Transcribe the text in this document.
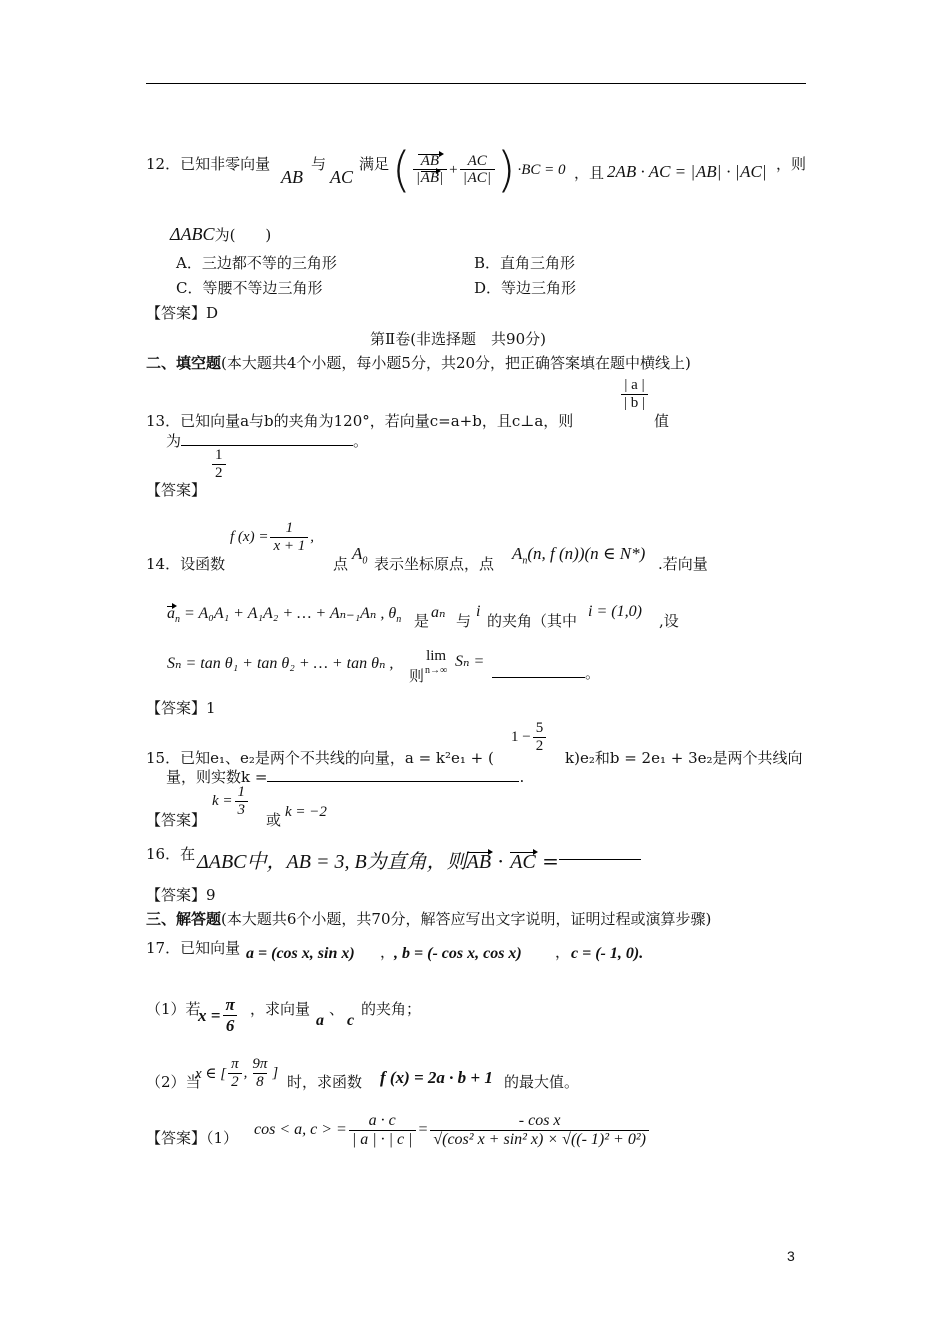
12．已知非零向量
AB
与
AC
满足 ( $\frac{AB}{|AB|} + \frac{AC}{|AC|}$ ) ·BC = 0 ，且 2AB · AC = |AB| · |AC| ，则
ΔABC为(　　)
A．三边都不等的三角形	B．直角三角形
C．等腰不等边三角形	D．等边三角形
【答案】D
第Ⅱ卷(非选择题　共90分)
二、填空题(本大题共4个小题，每小题5分，共20分，把正确答案填在题中横线上)
13．已知向量a与b的夹角为120°，若向量c=a+b，且c⊥a，则
$\frac{| a |}{| b |}$
值
为	。
【答案】
$\frac{1}{2}$
14．设函数
f $(x) = \frac{1}{x + 1}$ ,
点
$A_0$ 表示坐标原点，点
$A_n(n$, f (n))(n ∈ N*)
.若向量
$a_n = A_0A_1 + A_1A_2$ + … + Aₙ₋₁Aₙ , $\theta_n$ 是 aₙ 与
i
的夹角（其中
i = (1,0)
,设
Sₙ = tan θ₁ + tan θ₂ + … + tan θₙ ,
则
lim
n→∞ Sₙ =
。
【答案】1
15．已知e₁、e₂是两个不共线的向量，a = k²e₁ + (
$1 - \frac{5}{2}$
k)e₂和b = 2e₁ + 3e₂是两个共线向
量，则实数k =	.
【答案】
$k = \frac{1}{3}$
或 k = −2
16．在 ΔABC中，AB = 3, B为直角，则AB · AC =
【答案】9
三、解答题(本大题共6个小题，共70分，解答应写出文字说明，证明过程或演算步骤)
17．已知向量 a = (cos x, sin x) ，
, b = (- cos x, cos x) ， c = (- 1, 0).
（1）若
$x = \frac{\pi}{6}$ ，求向量
a
、
c
的夹角；
（2）当
x ∈ [ $\frac{\pi}{2}$ , $\frac{9\pi}{8}$ ]
时，求函数 f (x) = 2a · b + 1 的最大值。
【答案】（1） cos < a, c > = $\frac{a \cdot c}{| a | \cdot | c |} = \frac{\text{- cos x}}{\text{√(cos² x + sin² x) × √((- 1)² + 0²)}}$
3
